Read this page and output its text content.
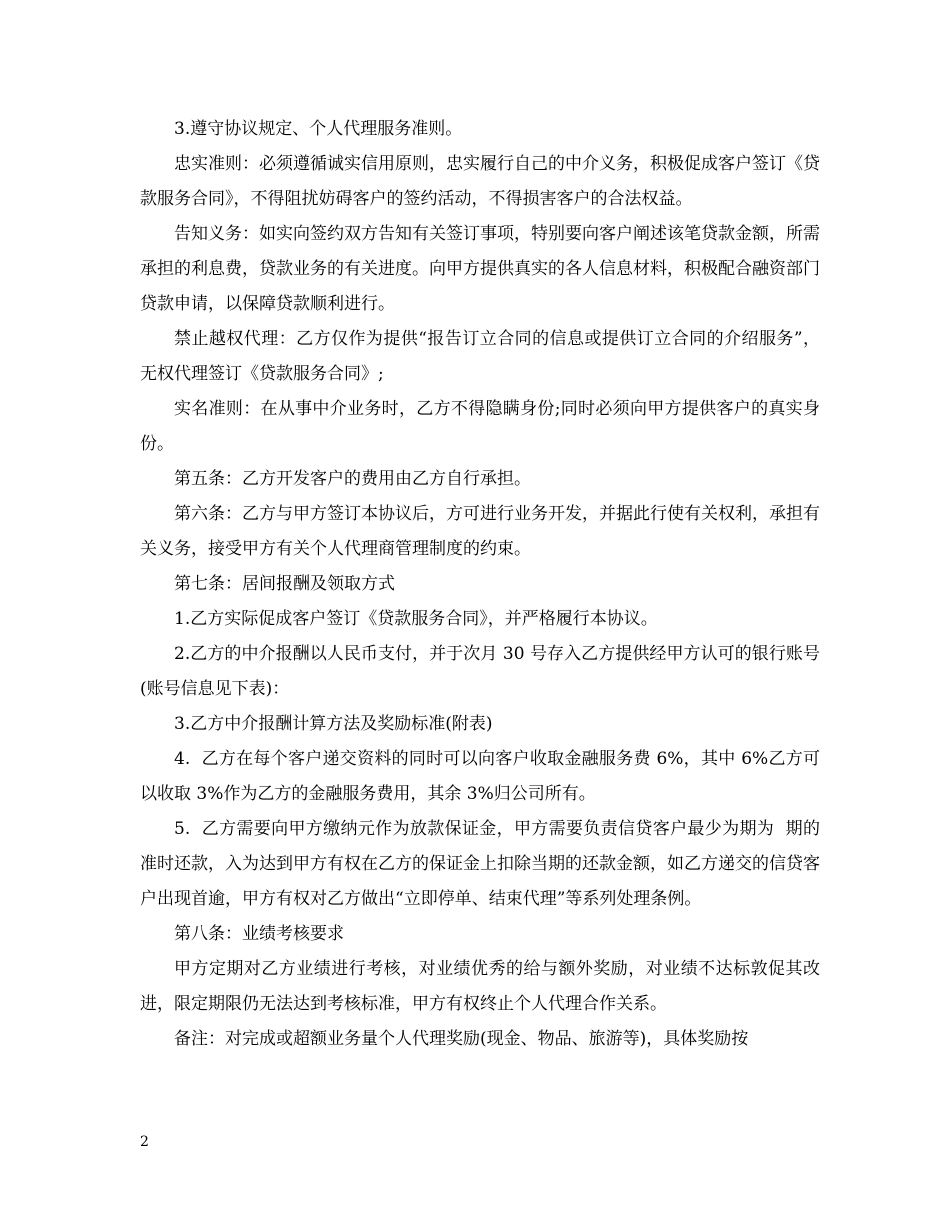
3.遵守协议规定、个人代理服务准则。

忠实准则：必须遵循诚实信用原则，忠实履行自己的中介义务，积极促成客户签订《贷款服务合同》，不得阻扰妨碍客户的签约活动，不得损害客户的合法权益。

告知义务：如实向签约双方告知有关签订事项，特别要向客户阐述该笔贷款金额，所需承担的利息费，贷款业务的有关进度。向甲方提供真实的各人信息材料，积极配合融资部门贷款申请，以保障贷款顺利进行。

禁止越权代理：乙方仅作为提供“报告订立合同的信息或提供订立合同的介绍服务”，无权代理签订《贷款服务合同》;

实名准则：在从事中介业务时，乙方不得隐瞒身份;同时必须向甲方提供客户的真实身份。

第五条：乙方开发客户的费用由乙方自行承担。

第六条：乙方与甲方签订本协议后，方可进行业务开发，并据此行使有关权利，承担有关义务，接受甲方有关个人代理商管理制度的约束。

第七条：居间报酬及领取方式

1.乙方实际促成客户签订《贷款服务合同》，并严格履行本协议。

2.乙方的中介报酬以人民币支付，并于次月 30 号存入乙方提供经甲方认可的银行账号(账号信息见下表)：

3.乙方中介报酬计算方法及奖励标准(附表)

4.  乙方在每个客户递交资料的同时可以向客户收取金融服务费 6%，其中 6%乙方可以收取 3%作为乙方的金融服务费用，其余 3%归公司所有。

5.  乙方需要向甲方缴纳元作为放款保证金，甲方需要负责信贷客户最少为期为  期的准时还款，入为达到甲方有权在乙方的保证金上扣除当期的还款金额，如乙方递交的信贷客户出现首逾，甲方有权对乙方做出“立即停单、结束代理”等系列处理条例。

第八条：业绩考核要求

甲方定期对乙方业绩进行考核，对业绩优秀的给与额外奖励，对业绩不达标敦促其改进，限定期限仍无法达到考核标准，甲方有权终止个人代理合作关系。

备注：对完成或超额业务量个人代理奖励(现金、物品、旅游等)，具体奖励按

2
